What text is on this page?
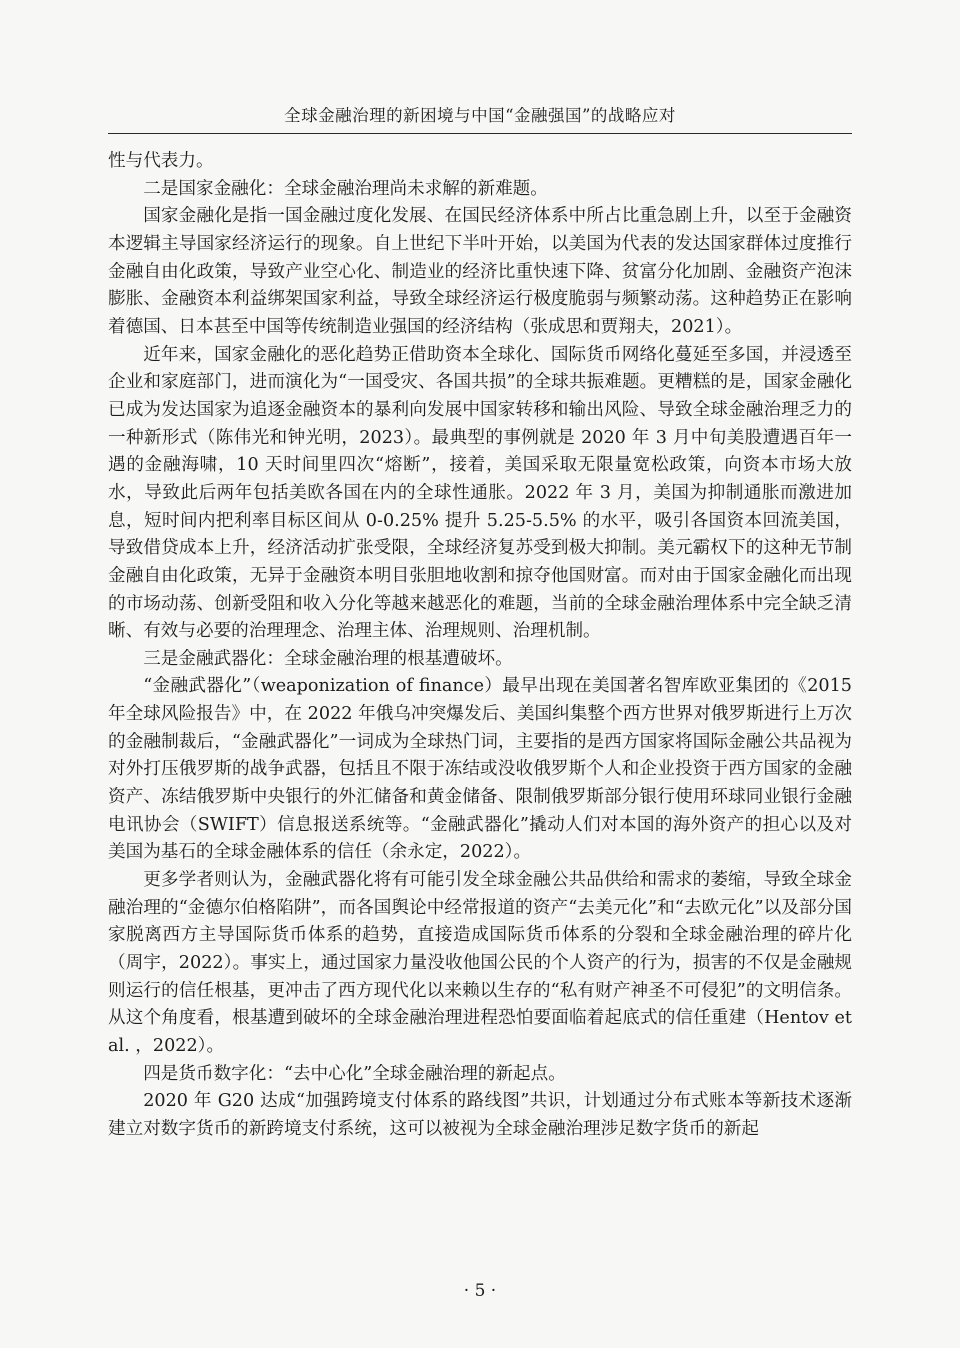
全球金融治理的新困境与中国“金融强国”的战略应对

性与代表力。

二是国家金融化：全球金融治理尚未求解的新难题。

国家金融化是指一国金融过度化发展、在国民经济体系中所占比重急剧上升，以至于金融资本逻辑主导国家经济运行的现象。自上世纪下半叶开始，以美国为代表的发达国家群体过度推行金融自由化政策，导致产业空心化、制造业的经济比重快速下降、贫富分化加剧、金融资产泡沫膨胀、金融资本利益绑架国家利益，导致全球经济运行极度脆弱与频繁动荡。这种趋势正在影响着德国、日本甚至中国等传统制造业强国的经济结构（张成思和贾翔夫，2021）。

近年来，国家金融化的恶化趋势正借助资本全球化、国际货币网络化蔓延至多国，并浸透至企业和家庭部门，进而演化为“一国受灾、各国共损”的全球共振难题。更糟糕的是，国家金融化已成为发达国家为追逐金融资本的暴利向发展中国家转移和输出风险、导致全球金融治理乏力的一种新形式（陈伟光和钟光明，2023）。最典型的事例就是 2020 年 3 月中旬美股遭遇百年一遇的金融海啸，10 天时间里四次“熔断”，接着，美国采取无限量宽松政策，向资本市场大放水，导致此后两年包括美欧各国在内的全球性通胀。2022 年 3 月，美国为抑制通胀而激进加息，短时间内把利率目标区间从 0-0.25% 提升 5.25-5.5% 的水平，吸引各国资本回流美国，导致借贷成本上升，经济活动扩张受限，全球经济复苏受到极大抑制。美元霸权下的这种无节制金融自由化政策，无异于金融资本明目张胆地收割和掠夺他国财富。而对由于国家金融化而出现的市场动荡、创新受阻和收入分化等越来越恶化的难题，当前的全球金融治理体系中完全缺乏清晰、有效与必要的治理理念、治理主体、治理规则、治理机制。

三是金融武器化：全球金融治理的根基遭破坏。

“金融武器化”（weaponization of finance）最早出现在美国著名智库欧亚集团的《2015 年全球风险报告》中，在 2022 年俄乌冲突爆发后、美国纠集整个西方世界对俄罗斯进行上万次的金融制裁后，“金融武器化”一词成为全球热门词，主要指的是西方国家将国际金融公共品视为对外打压俄罗斯的战争武器，包括且不限于冻结或没收俄罗斯个人和企业投资于西方国家的金融资产、冻结俄罗斯中央银行的外汇储备和黄金储备、限制俄罗斯部分银行使用环球同业银行金融电讯协会（SWIFT）信息报送系统等。“金融武器化”撬动人们对本国的海外资产的担心以及对美国为基石的全球金融体系的信任（余永定，2022）。

更多学者则认为，金融武器化将有可能引发全球金融公共品供给和需求的萎缩，导致全球金融治理的“金德尔伯格陷阱”，而各国舆论中经常报道的资产“去美元化”和“去欧元化”以及部分国家脱离西方主导国际货币体系的趋势，直接造成国际货币体系的分裂和全球金融治理的碎片化（周宇，2022）。事实上，通过国家力量没收他国公民的个人资产的行为，损害的不仅是金融规则运行的信任根基，更冲击了西方现代化以来赖以生存的“私有财产神圣不可侵犯”的文明信条。从这个角度看，根基遭到破坏的全球金融治理进程恐怕要面临着起底式的信任重建（Hentov et al. ，2022）。

四是货币数字化：“去中心化”全球金融治理的新起点。

2020 年 G20 达成“加强跨境支付体系的路线图”共识，计划通过分布式账本等新技术逐渐建立对数字货币的新跨境支付系统，这可以被视为全球金融治理涉足数字货币的新起

· 5 ·
